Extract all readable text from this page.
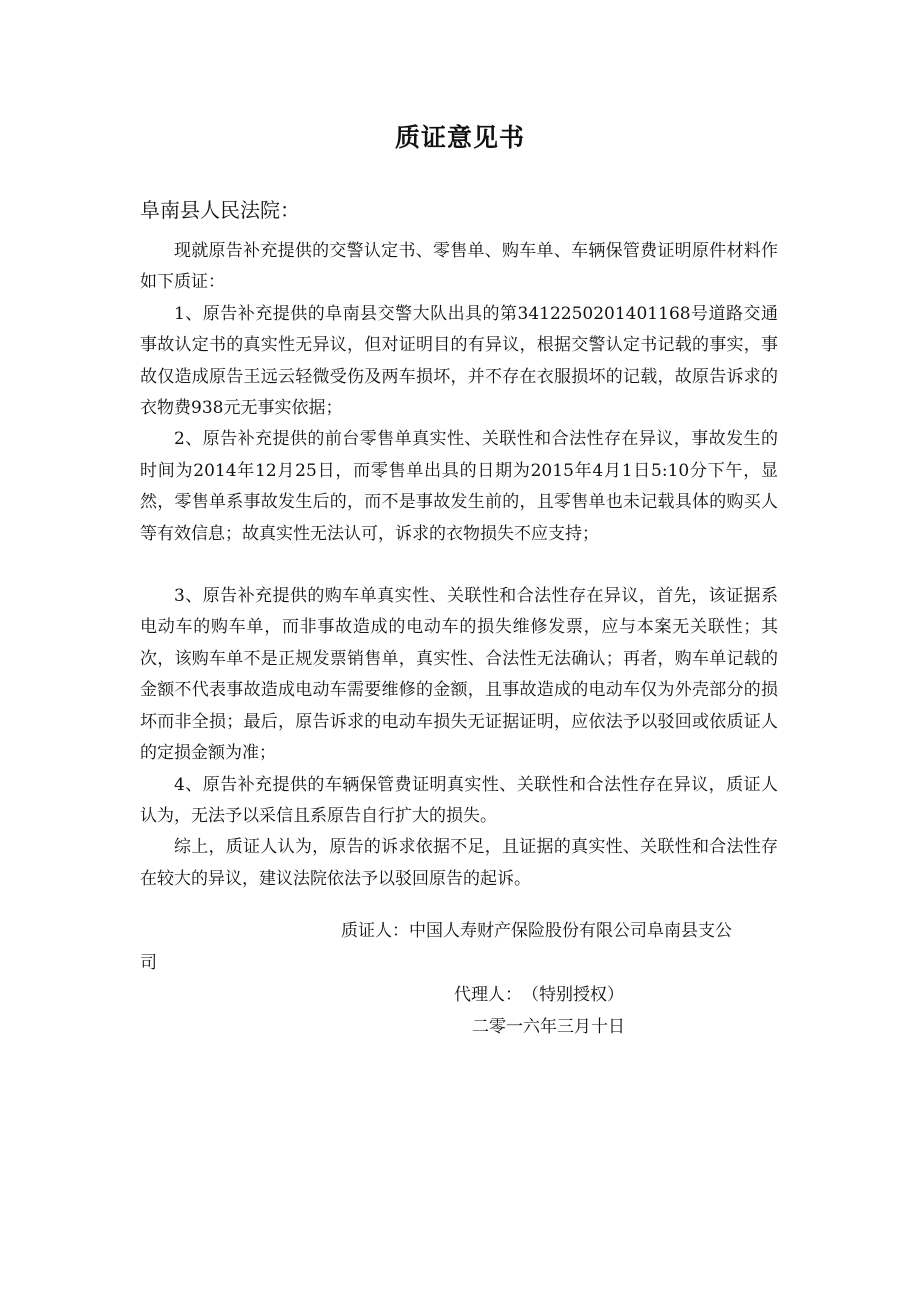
质证意见书
阜南县人民法院：

现就原告补充提供的交警认定书、零售单、购车单、车辆保管费证明原件材料作如下质证：

1、原告补充提供的阜南县交警大队出具的第3412250201401168号道路交通事故认定书的真实性无异议，但对证明目的有异议，根据交警认定书记载的事实，事故仅造成原告王远云轻微受伤及两车损坏，并不存在衣服损坏的记载，故原告诉求的衣物费938元无事实依据；

2、原告补充提供的前台零售单真实性、关联性和合法性存在异议，事故发生的时间为2014年12月25日，而零售单出具的日期为2015年4月1日5:10分下午，显然，零售单系事故发生后的，而不是事故发生前的，且零售单也未记载具体的购买人等有效信息；故真实性无法认可，诉求的衣物损失不应支持；

3、原告补充提供的购车单真实性、关联性和合法性存在异议，首先，该证据系电动车的购车单，而非事故造成的电动车的损失维修发票，应与本案无关联性；其次，该购车单不是正规发票销售单，真实性、合法性无法确认；再者，购车单记载的金额不代表事故造成电动车需要维修的金额，且事故造成的电动车仅为外壳部分的损坏而非全损；最后，原告诉求的电动车损失无证据证明，应依法予以驳回或依质证人的定损金额为准；

4、原告补充提供的车辆保管费证明真实性、关联性和合法性存在异议，质证人认为，无法予以采信且系原告自行扩大的损失。

综上，质证人认为，原告的诉求依据不足，且证据的真实性、关联性和合法性存在较大的异议，建议法院依法予以驳回原告的起诉。

质证人：中国人寿财产保险股份有限公司阜南县支公
司
代理人：　（特别授权）
二零一六年三月十日
